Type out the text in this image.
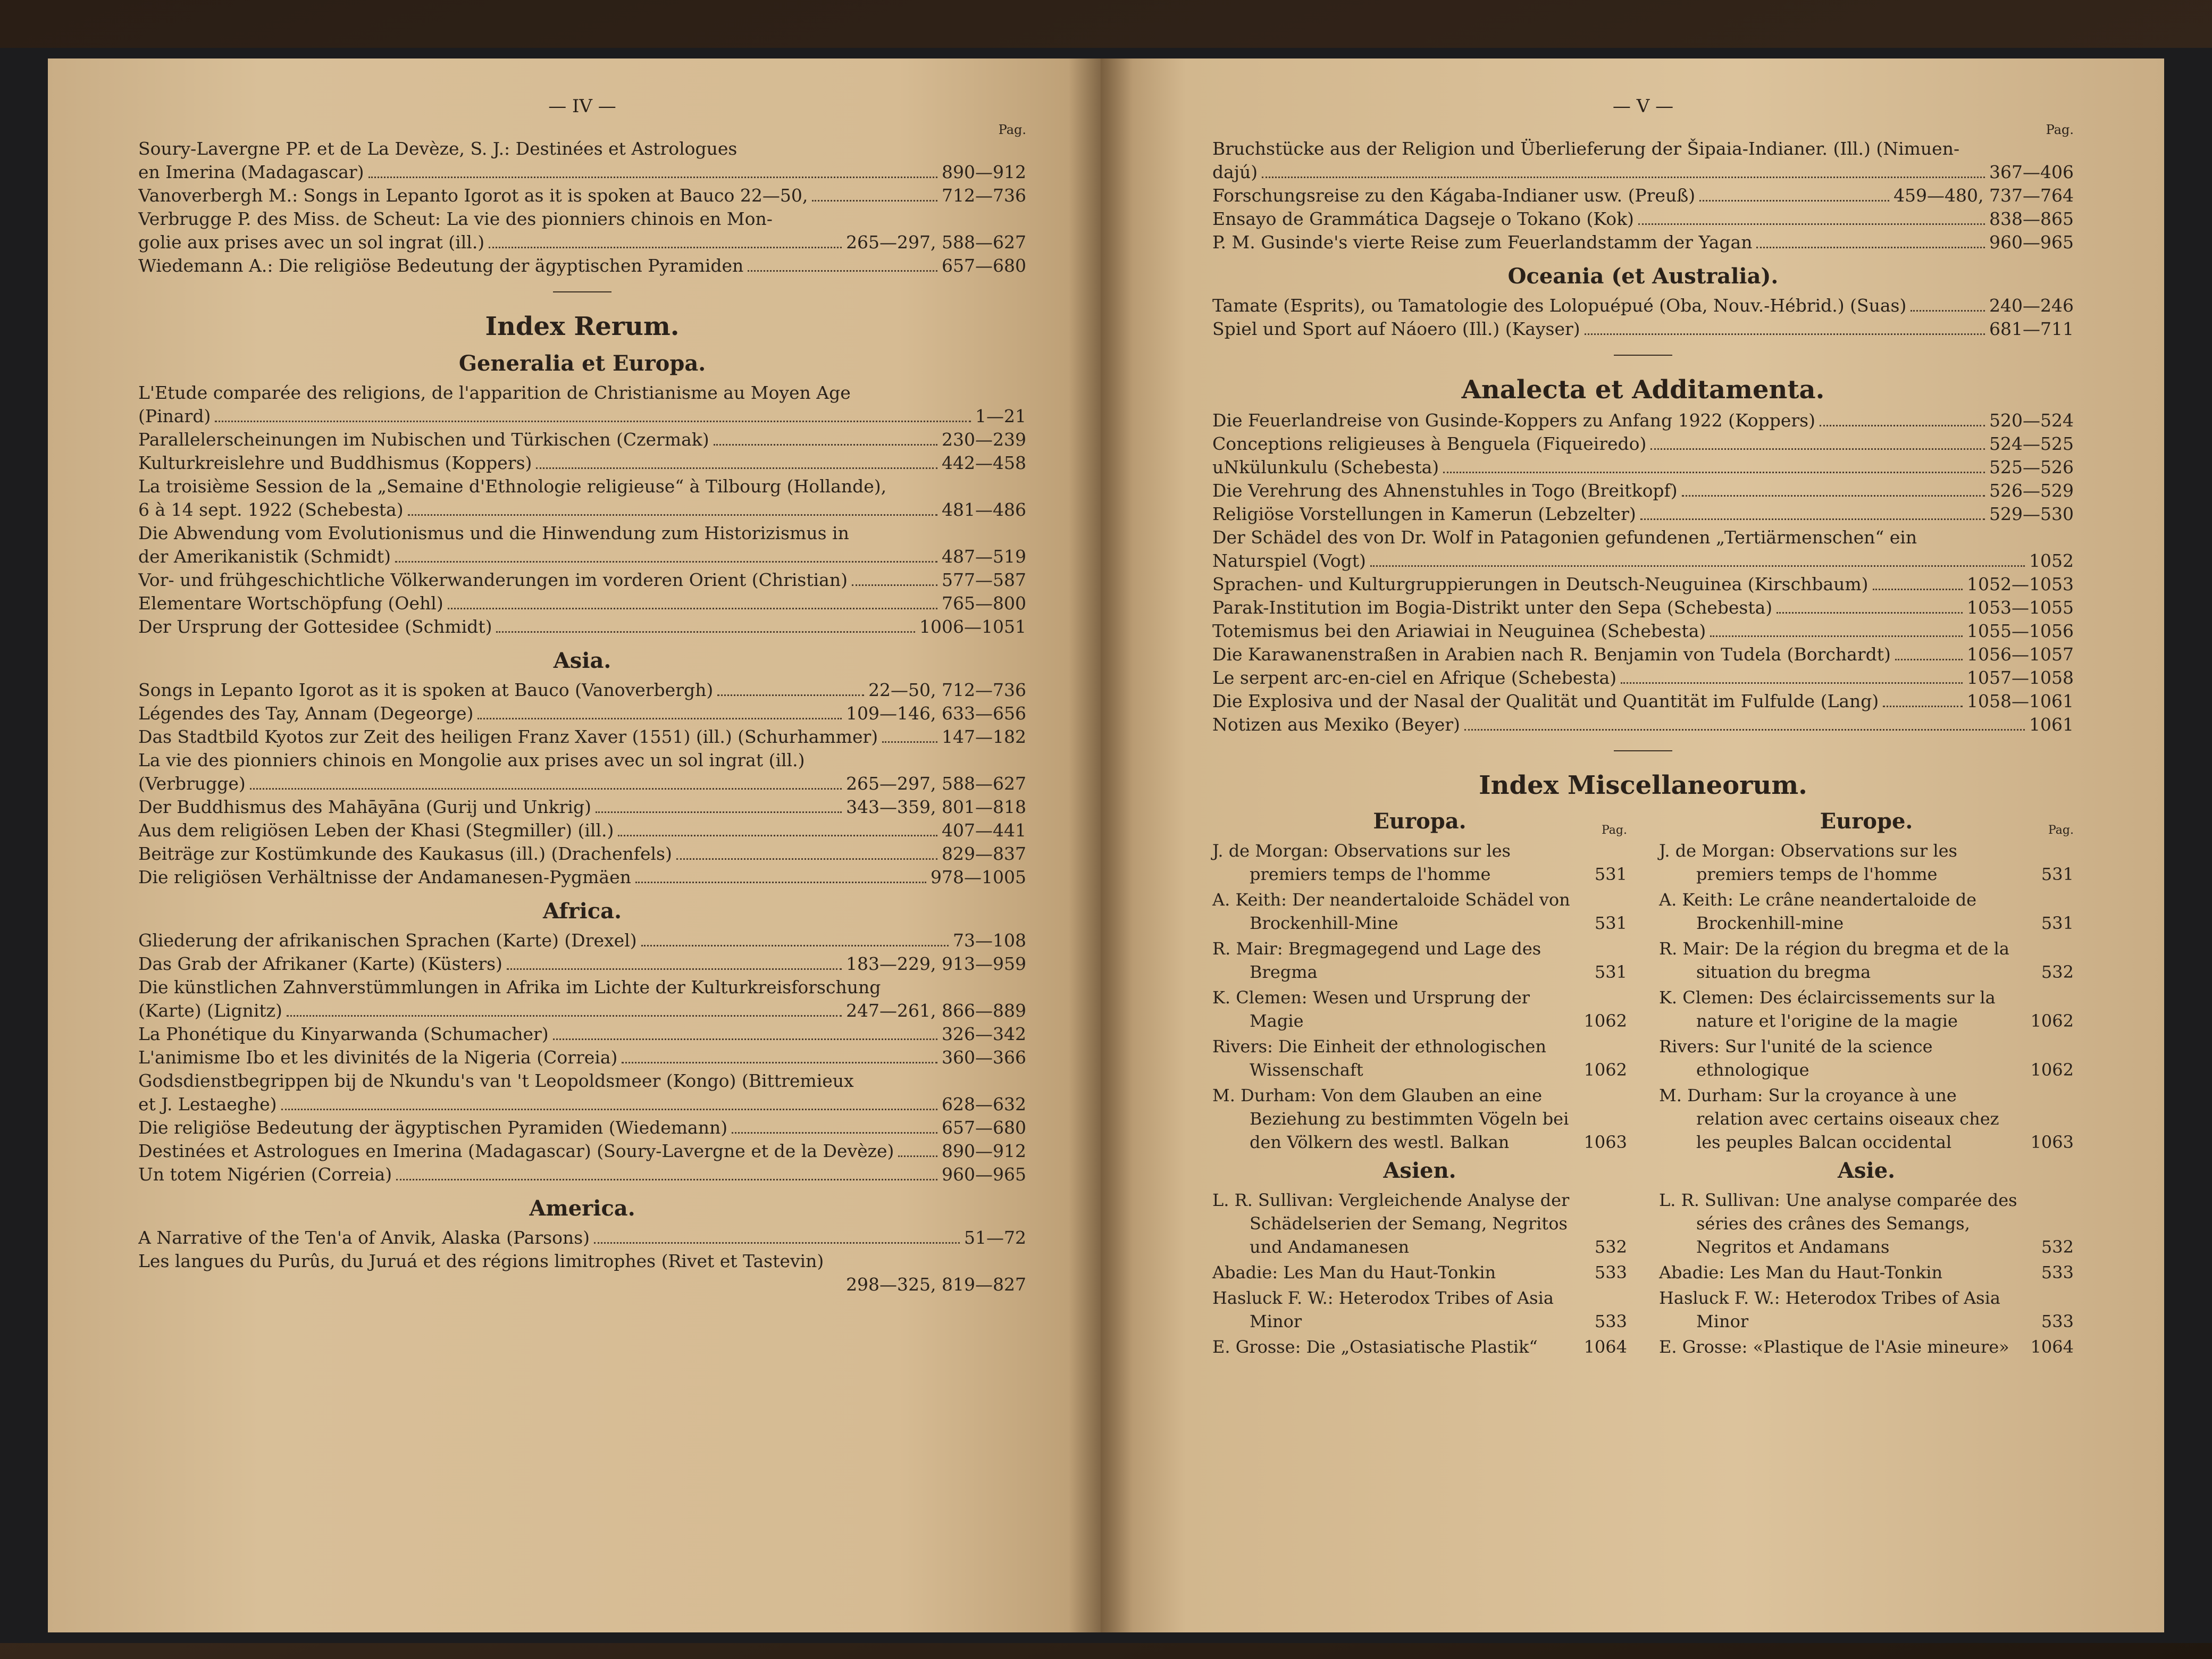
— IV —
Pag.
Soury-Lavergne PP. et de La Devèze, S. J.: Destinées et Astrologues
en Imerina (Madagascar)	890—912
Vanoverbergh M.: Songs in Lepanto Igorot as it is spoken at Bauco 22—50,	712—736
Verbrugge P. des Miss. de Scheut: La vie des pionniers chinois en Mon-
golie aux prises avec un sol ingrat (ill.)	265—297, 588—627
Wiedemann A.: Die religiöse Bedeutung der ägyptischen Pyramiden	657—680
Index Rerum.
Generalia et Europa.
L'Etude comparée des religions, de l'apparition de Christianisme au Moyen Age
(Pinard)	1—21
Parallelerscheinungen im Nubischen und Türkischen (Czermak)	230—239
Kulturkreislehre und Buddhismus (Koppers)	442—458
La troisième Session de la „Semaine d'Ethnologie religieuse“ à Tilbourg (Hollande),
6 à 14 sept. 1922 (Schebesta)	481—486
Die Abwendung vom Evolutionismus und die Hinwendung zum Historizismus in
der Amerikanistik (Schmidt)	487—519
Vor- und frühgeschichtliche Völkerwanderungen im vorderen Orient (Christian)	577—587
Elementare Wortschöpfung (Oehl)	765—800
Der Ursprung der Gottesidee (Schmidt)	1006—1051
Asia.
Songs in Lepanto Igorot as it is spoken at Bauco (Vanoverbergh)	22—50, 712—736
Légendes des Tay, Annam (Degeorge)	109—146, 633—656
Das Stadtbild Kyotos zur Zeit des heiligen Franz Xaver (1551) (ill.) (Schurhammer)	147—182
La vie des pionniers chinois en Mongolie aux prises avec un sol ingrat (ill.)
(Verbrugge)	265—297, 588—627
Der Buddhismus des Mahāyāna (Gurij und Unkrig)	343—359, 801—818
Aus dem religiösen Leben der Khasi (Stegmiller) (ill.)	407—441
Beiträge zur Kostümkunde des Kaukasus (ill.) (Drachenfels)	829—837
Die religiösen Verhältnisse der Andamanesen-Pygmäen	978—1005
Africa.
Gliederung der afrikanischen Sprachen (Karte) (Drexel)	73—108
Das Grab der Afrikaner (Karte) (Küsters)	183—229, 913—959
Die künstlichen Zahnverstümmlungen in Afrika im Lichte der Kulturkreisforschung
(Karte) (Lignitz)	247—261, 866—889
La Phonétique du Kinyarwanda (Schumacher)	326—342
L'animisme Ibo et les divinités de la Nigeria (Correia)	360—366
Godsdienstbegrippen bij de Nkundu's van 't Leopoldsmeer (Kongo) (Bittremieux
et J. Lestaeghe)	628—632
Die religiöse Bedeutung der ägyptischen Pyramiden (Wiedemann)	657—680
Destinées et Astrologues en Imerina (Madagascar) (Soury-Lavergne et de la Devèze)	890—912
Un totem Nigérien (Correia)	960—965
America.
A Narrative of the Ten'a of Anvik, Alaska (Parsons)	51—72
Les langues du Purûs, du Juruá et des régions limitrophes (Rivet et Tastevin)
298—325, 819—827
— V —
Pag.
Bruchstücke aus der Religion und Überlieferung der Šipaia-Indianer. (Ill.) (Nimuen-
dajú)	367—406
Forschungsreise zu den Kágaba-Indianer usw. (Preuß)	459—480, 737—764
Ensayo de Grammática Dagseje o Tokano (Kok)	838—865
P. M. Gusinde's vierte Reise zum Feuerlandstamm der Yagan	960—965
Oceania (et Australia).
Tamate (Esprits), ou Tamatologie des Lolopuépué (Oba, Nouv.-Hébrid.) (Suas)	240—246
Spiel und Sport auf Náoero (Ill.) (Kayser)	681—711
Analecta et Additamenta.
Die Feuerlandreise von Gusinde-Koppers zu Anfang 1922 (Koppers)	520—524
Conceptions religieuses à Benguela (Fiqueiredo)	524—525
uNkülunkulu (Schebesta)	525—526
Die Verehrung des Ahnenstuhles in Togo (Breitkopf)	526—529
Religiöse Vorstellungen in Kamerun (Lebzelter)	529—530
Der Schädel des von Dr. Wolf in Patagonien gefundenen „Tertiärmenschen“ ein
Naturspiel (Vogt)	1052
Sprachen- und Kulturgruppierungen in Deutsch-Neuguinea (Kirschbaum)	1052—1053
Parak-Institution im Bogia-Distrikt unter den Sepa (Schebesta)	1053—1055
Totemismus bei den Ariawiai in Neuguinea (Schebesta)	1055—1056
Die Karawanenstraßen in Arabien nach R. Benjamin von Tudela (Borchardt)	1056—1057
Le serpent arc-en-ciel en Afrique (Schebesta)	1057—1058
Die Explosiva und der Nasal der Qualität und Quantität im Fulfulde (Lang)	1058—1061
Notizen aus Mexiko (Beyer)	1061
Index Miscellaneorum.
Europa.	Pag.
J. de Morgan: Observations sur les premiers temps de l'homme	531
A. Keith: Der neandertaloide Schädel von Brockenhill-Mine	531
R. Mair: Bregmagegend und Lage des Bregma	531
K. Clemen: Wesen und Ursprung der Magie	1062
Rivers: Die Einheit der ethnologischen Wissenschaft	1062
M. Durham: Von dem Glauben an eine Beziehung zu bestimmten Vögeln bei den Völkern des westl. Balkan	1063
Asien.
L. R. Sullivan: Vergleichende Analyse der Schädelserien der Semang, Negritos und Andamanesen	532
Abadie: Les Man du Haut-Tonkin	533
Hasluck F. W.: Heterodox Tribes of Asia Minor	533
E. Grosse: Die „Ostasiatische Plastik“	1064
Europe.	Pag.
J. de Morgan: Observations sur les premiers temps de l'homme	531
A. Keith: Le crâne neandertaloide de Brockenhill-mine	531
R. Mair: De la région du bregma et de la situation du bregma	532
K. Clemen: Des éclaircissements sur la nature et l'origine de la magie	1062
Rivers: Sur l'unité de la science ethnologique	1062
M. Durham: Sur la croyance à une relation avec certains oiseaux chez les peuples Balcan occidental	1063
Asie.
L. R. Sullivan: Une analyse comparée des séries des crânes des Semangs, Negritos et Andamans	532
Abadie: Les Man du Haut-Tonkin	533
Hasluck F. W.: Heterodox Tribes of Asia Minor	533
E. Grosse: «Plastique de l'Asie mineure»	1064
